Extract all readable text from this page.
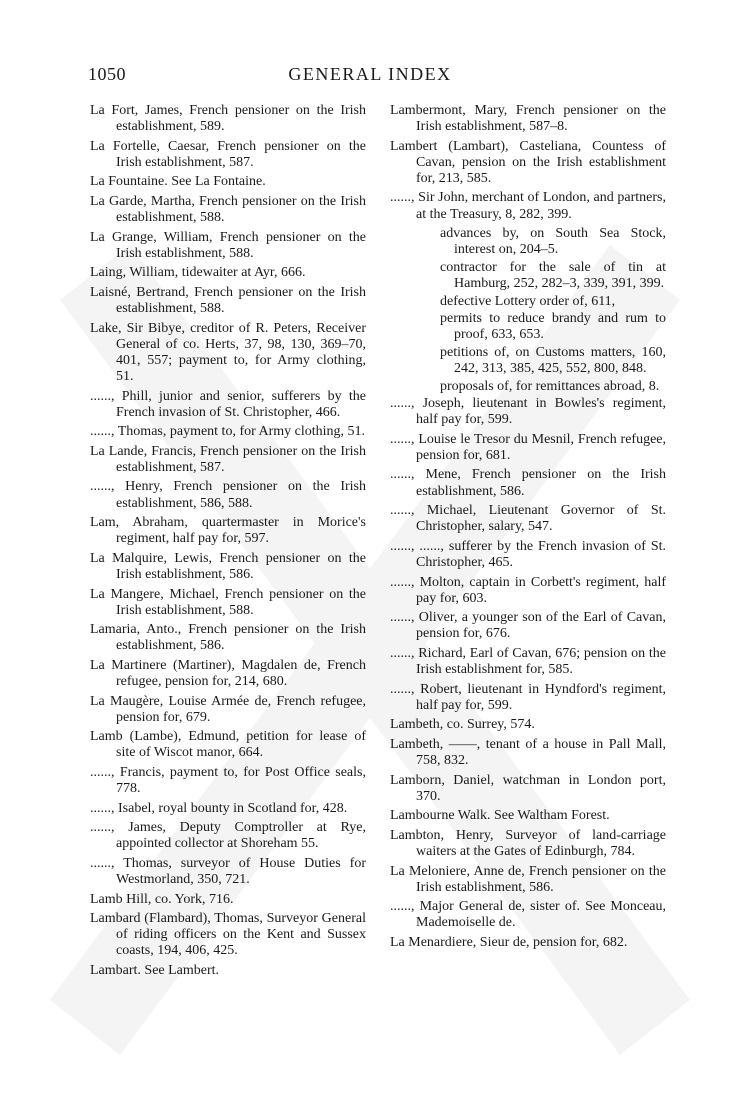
1050	GENERAL INDEX
La Fort, James, French pensioner on the Irish establishment, 589.
La Fortelle, Caesar, French pensioner on the Irish establishment, 587.
La Fountaine. See La Fontaine.
La Garde, Martha, French pensioner on the Irish establishment, 588.
La Grange, William, French pensioner on the Irish establishment, 588.
Laing, William, tidewaiter at Ayr, 666.
Laisné, Bertrand, French pensioner on the Irish establishment, 588.
Lake, Sir Bibye, creditor of R. Peters, Receiver General of co. Herts, 37, 98, 130, 369–70, 401, 557; payment to, for Army clothing, 51.
......, Phill, junior and senior, sufferers by the French invasion of St. Christopher, 466.
......, Thomas, payment to, for Army clothing, 51.
La Lande, Francis, French pensioner on the Irish establishment, 587.
......, Henry, French pensioner on the Irish establishment, 586, 588.
Lam, Abraham, quartermaster in Morice's regiment, half pay for, 597.
La Malquire, Lewis, French pensioner on the Irish establishment, 586.
La Mangere, Michael, French pensioner on the Irish establishment, 588.
Lamaria, Anto., French pensioner on the Irish establishment, 586.
La Martinere (Martiner), Magdalen de, French refugee, pension for, 214, 680.
La Maugère, Louise Armée de, French refugee, pension for, 679.
Lamb (Lambe), Edmund, petition for lease of site of Wiscot manor, 664.
......, Francis, payment to, for Post Office seals, 778.
......, Isabel, royal bounty in Scotland for, 428.
......, James, Deputy Comptroller at Rye, appointed collector at Shoreham 55.
......, Thomas, surveyor of House Duties for Westmorland, 350, 721.
Lamb Hill, co. York, 716.
Lambard (Flambard), Thomas, Surveyor General of riding officers on the Kent and Sussex coasts, 194, 406, 425.
Lambart. See Lambert.
Lambermont, Mary, French pensioner on the Irish establishment, 587–8.
Lambert (Lambart), Casteliana, Countess of Cavan, pension on the Irish establishment for, 213, 585.
......, Sir John, merchant of London, and partners, at the Treasury, 8, 282, 399.
advances by, on South Sea Stock, interest on, 204–5.
contractor for the sale of tin at Hamburg, 252, 282–3, 339, 391, 399.
defective Lottery order of, 611,
permits to reduce brandy and rum to proof, 633, 653.
petitions of, on Customs matters, 160, 242, 313, 385, 425, 552, 800, 848.
proposals of, for remittances abroad, 8.
......, Joseph, lieutenant in Bowles's regiment, half pay for, 599.
......, Louise le Tresor du Mesnil, French refugee, pension for, 681.
......, Mene, French pensioner on the Irish establishment, 586.
......, Michael, Lieutenant Governor of St. Christopher, salary, 547.
......, ......, sufferer by the French invasion of St. Christopher, 465.
......, Molton, captain in Corbett's regiment, half pay for, 603.
......, Oliver, a younger son of the Earl of Cavan, pension for, 676.
......, Richard, Earl of Cavan, 676; pension on the Irish establishment for, 585.
......, Robert, lieutenant in Hyndford's regiment, half pay for, 599.
Lambeth, co. Surrey, 574.
Lambeth, ——, tenant of a house in Pall Mall, 758, 832.
Lamborn, Daniel, watchman in London port, 370.
Lambourne Walk. See Waltham Forest.
Lambton, Henry, Surveyor of land-carriage waiters at the Gates of Edinburgh, 784.
La Meloniere, Anne de, French pensioner on the Irish establishment, 586.
......, Major General de, sister of. See Monceau, Mademoiselle de.
La Menardiere, Sieur de, pension for, 682.
